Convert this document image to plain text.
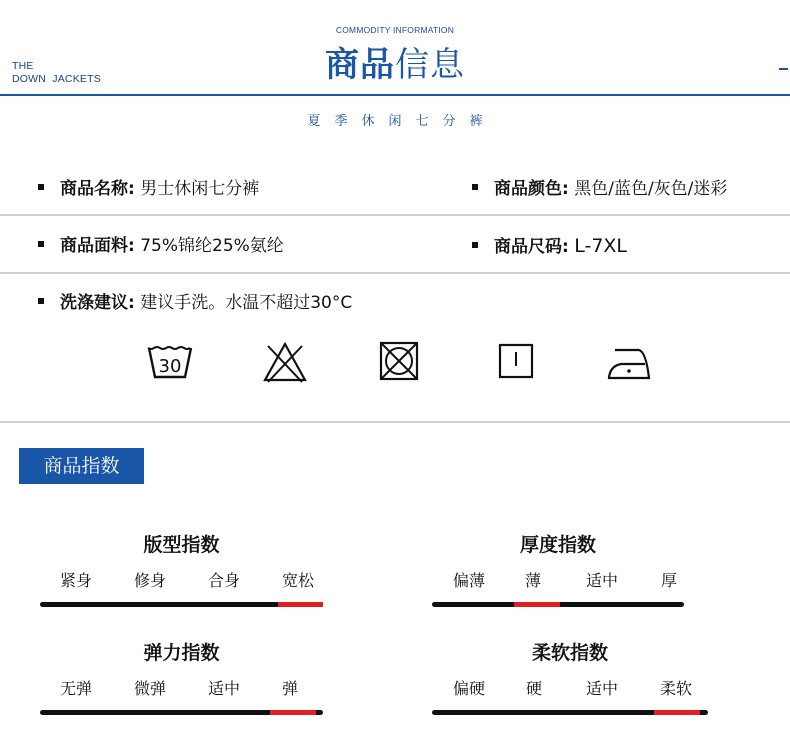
THE
DOWN  JACKETS
COMMODITY INFORMATION
商品信息
夏季休闲七分裤
商品名称: 男士休闲七分裤	商品颜色: 黑色/蓝色/灰色/迷彩
商品面料: 75%锦纶25%氨纶	商品尺码: L-7XL
洗涤建议: 建议手洗。水温不超过30°C
30
商品指数
版型指数
紧身	修身	合身	宽松
厚度指数
偏薄 薄	适中	厚
弹力指数
无弹	微弹	适中	弹
柔软指数
偏硬	硬	适中	柔软
